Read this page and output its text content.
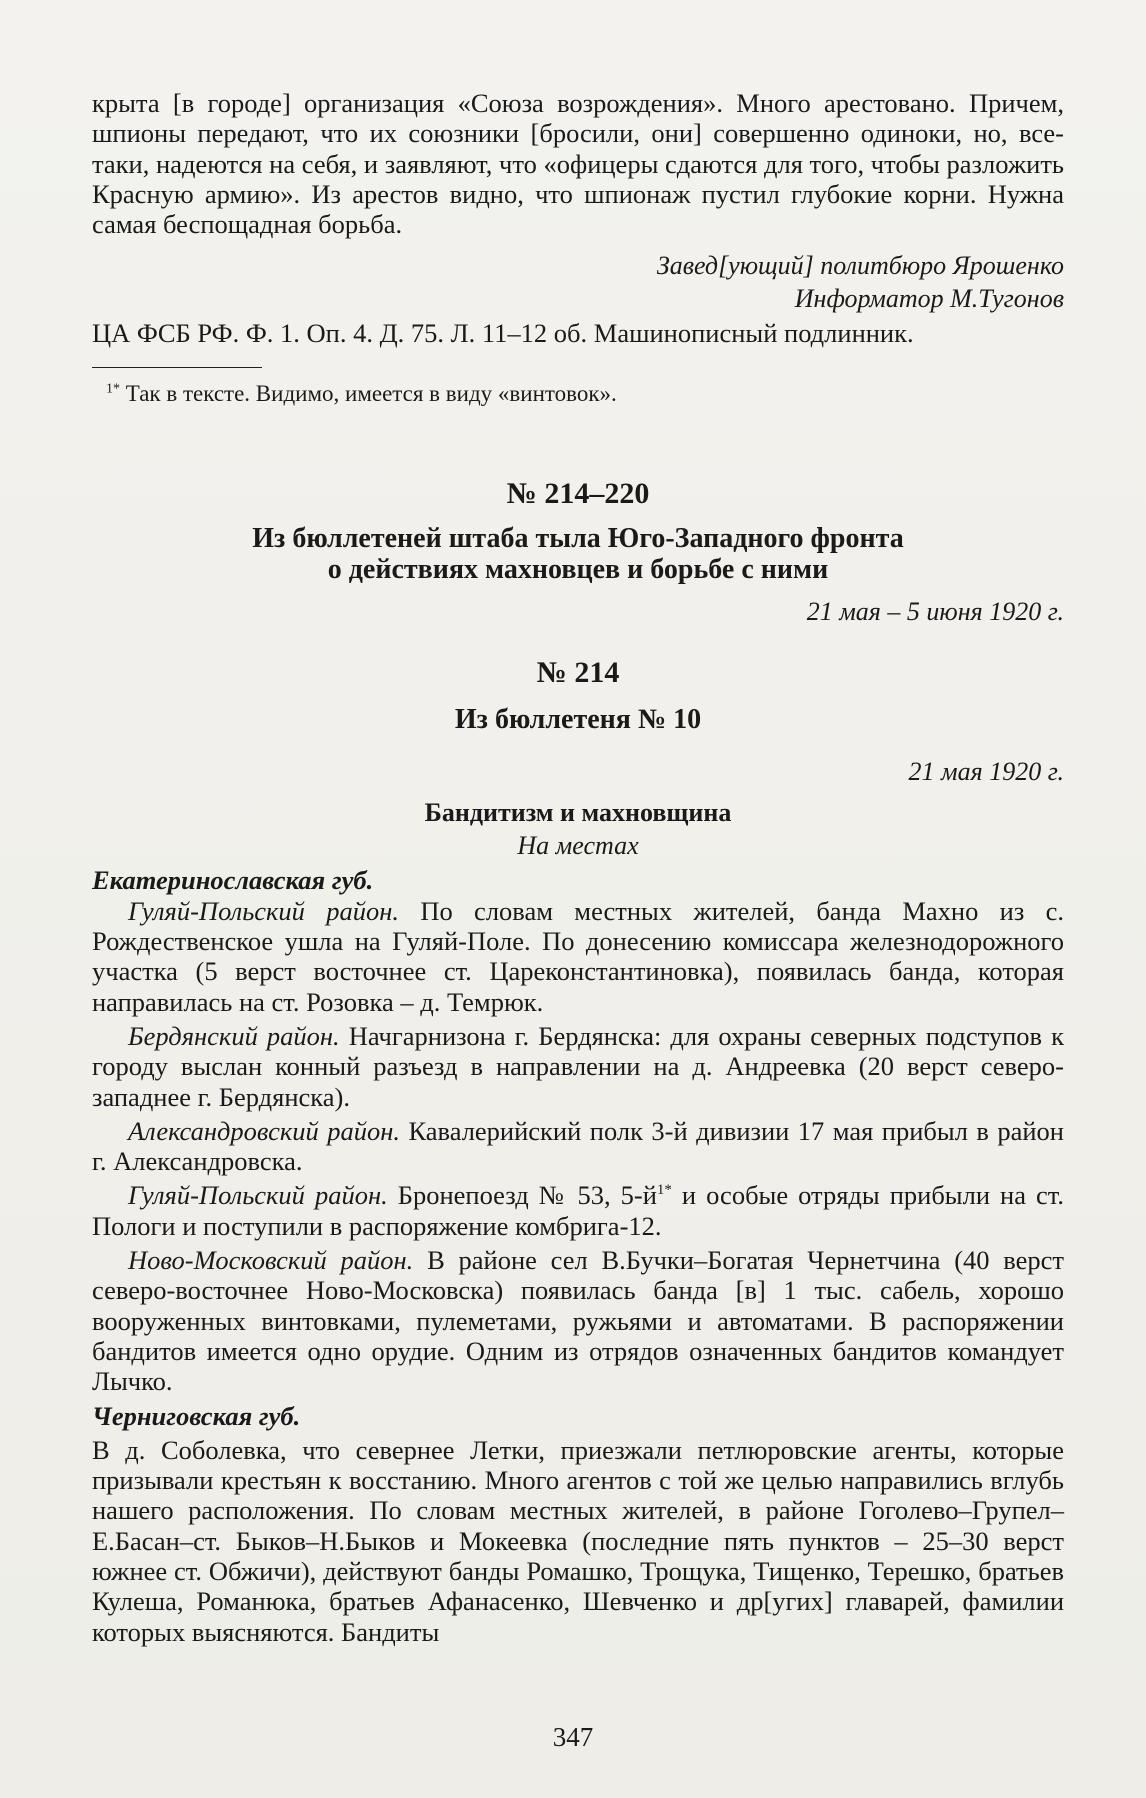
крыта [в городе] организация «Союза возрождения». Много арестовано. Причем, шпионы передают, что их союзники [бросили, они] совершенно одиноки, но, все-таки, надеются на себя, и заявляют, что «офицеры сдаются для того, чтобы разложить Красную армию». Из арестов видно, что шпионаж пустил глубокие корни. Нужна самая беспощадная борьба.

Завед[ующий] политбюро Ярошенко
Информатор М.Тугонов

ЦА ФСБ РФ. Ф. 1. Оп. 4. Д. 75. Л. 11–12 об. Машинописный подлинник.

$^{1*}$ Так в тексте. Видимо, имеется в виду «винтовок».

№ 214–220
Из бюллетеней штаба тыла Юго-Западного фронта
о действиях махновцев и борьбе с ними
21 мая – 5 июня 1920 г.
№ 214
Из бюллетеня № 10
21 мая 1920 г.
Бандитизм и махновщина
На местах

Екатеринославская губ.

Гуляй-Польский район. По словам местных жителей, банда Махно из с. Рождественское ушла на Гуляй-Поле. По донесению комиссара железнодорожного участка (5 верст восточнее ст. Цареконстантиновка), появилась банда, которая направилась на ст. Розовка – д. Темрюк.

Бердянский район. Начгарнизона г. Бердянска: для охраны северных подступов к городу выслан конный разъезд в направлении на д. Андреевка (20 верст северо-западнее г. Бердянска).

Александровский район. Кавалерийский полк 3-й дивизии 17 мая прибыл в район г. Александровска.

Гуляй-Польский район. Бронепоезд № 53, $5-й^{1*}$ и особые отряды прибыли на ст. Пологи и поступили в распоряжение комбрига-12.

Ново-Московский район. В районе сел В.Бучки–Богатая Чернетчина (40 верст северо-восточнее Ново-Московска) появилась банда [в] 1 тыс. сабель, хорошо вооруженных винтовками, пулеметами, ружьями и автоматами. В распоряжении бандитов имеется одно орудие. Одним из отрядов означенных бандитов командует Лычко.

Черниговская губ.

В д. Соболевка, что севернее Летки, приезжали петлюровские агенты, которые призывали крестьян к восстанию. Много агентов с той же целью направились вглубь нашего расположения. По словам местных жителей, в районе Гоголево–Групел–Е.Басан–ст. Быков–Н.Быков и Мокеевка (последние пять пунктов – 25–30 верст южнее ст. Обжичи), действуют банды Ромашко, Трощука, Тищенко, Терешко, братьев Кулеша, Романюка, братьев Афанасенко, Шевченко и др[угих] главарей, фамилии которых выясняются. Бандиты

347
